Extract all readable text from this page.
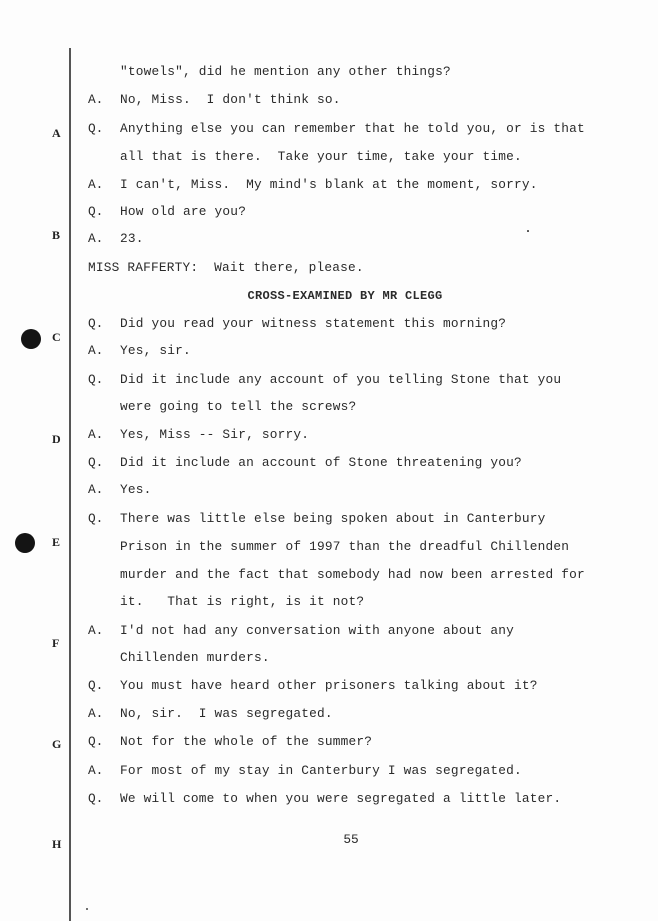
A
B
C
D
E
F
G
H
"towels", did he mention any other things?
A. No, Miss.  I don't think so.
Q. Anything else you can remember that he told you, or is that
all that is there.  Take your time, take your time.
A. I can't, Miss.  My mind's blank at the moment, sorry.
Q. How old are you?
A. 23.
MISS RAFFERTY:  Wait there, please.
CROSS-EXAMINED BY MR CLEGG
Q. Did you read your witness statement this morning?
A. Yes, sir.
Q. Did it include any account of you telling Stone that you
were going to tell the screws?
A. Yes, Miss -- Sir, sorry.
Q. Did it include an account of Stone threatening you?
A. Yes.
Q. There was little else being spoken about in Canterbury
Prison in the summer of 1997 than the dreadful Chillenden
murder and the fact that somebody had now been arrested for
it.   That is right, is it not?
A. I'd not had any conversation with anyone about any
Chillenden murders.
Q. You must have heard other prisoners talking about it?
A. No, sir.  I was segregated.
Q. Not for the whole of the summer?
A. For most of my stay in Canterbury I was segregated.
Q. We will come to when you were segregated a little later.
55
